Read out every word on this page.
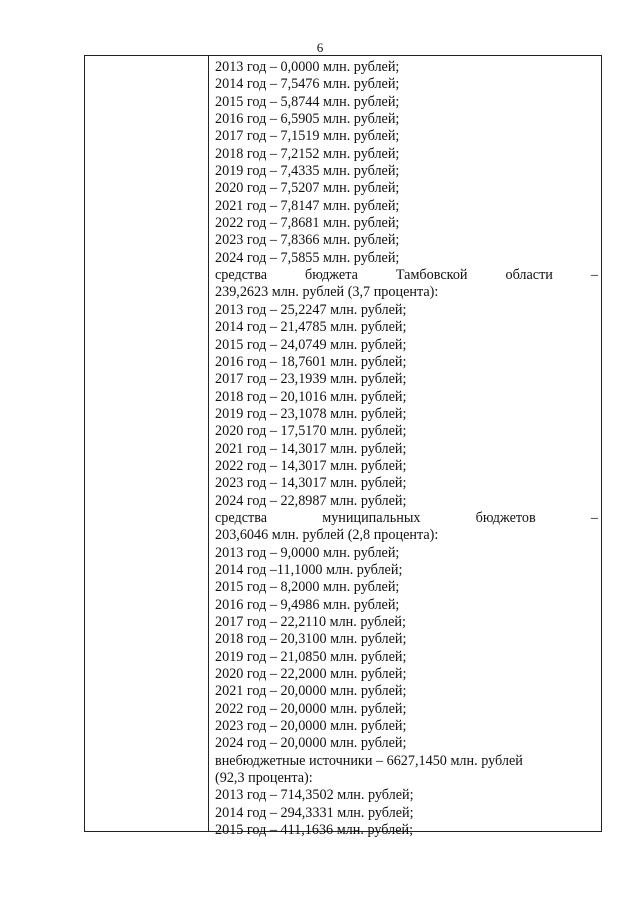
6
2013 год – 0,0000 млн. рублей;
2014 год – 7,5476 млн. рублей;
2015 год – 5,8744 млн. рублей;
2016 год – 6,5905 млн. рублей;
2017 год – 7,1519 млн. рублей;
2018 год – 7,2152 млн. рублей;
2019 год – 7,4335 млн. рублей;
2020 год – 7,5207 млн. рублей;
2021 год – 7,8147 млн. рублей;
2022 год – 7,8681 млн. рублей;
2023 год – 7,8366 млн. рублей;
2024 год – 7,5855 млн. рублей;
средства	бюджета	Тамбовской	области	–
239,2623 млн. рублей (3,7 процента):
2013 год – 25,2247 млн. рублей;
2014 год – 21,4785 млн. рублей;
2015 год – 24,0749 млн. рублей;
2016 год – 18,7601 млн. рублей;
2017 год – 23,1939 млн. рублей;
2018 год – 20,1016 млн. рублей;
2019 год – 23,1078 млн. рублей;
2020 год – 17,5170 млн. рублей;
2021 год – 14,3017 млн. рублей;
2022 год – 14,3017 млн. рублей;
2023 год – 14,3017 млн. рублей;
2024 год – 22,8987 млн. рублей;
средства	муниципальных	бюджетов	–
203,6046 млн. рублей (2,8 процента):
2013 год – 9,0000 млн. рублей;
2014 год –11,1000 млн. рублей;
2015 год – 8,2000 млн. рублей;
2016 год – 9,4986 млн. рублей;
2017 год – 22,2110 млн. рублей;
2018 год – 20,3100 млн. рублей;
2019 год – 21,0850 млн. рублей;
2020 год – 22,2000 млн. рублей;
2021 год – 20,0000 млн. рублей;
2022 год – 20,0000 млн. рублей;
2023 год – 20,0000 млн. рублей;
2024 год – 20,0000 млн. рублей;
внебюджетные источники – 6627,1450 млн. рублей
(92,3 процента):
2013 год – 714,3502 млн. рублей;
2014 год – 294,3331 млн. рублей;
2015 год – 411,1636 млн. рублей;
